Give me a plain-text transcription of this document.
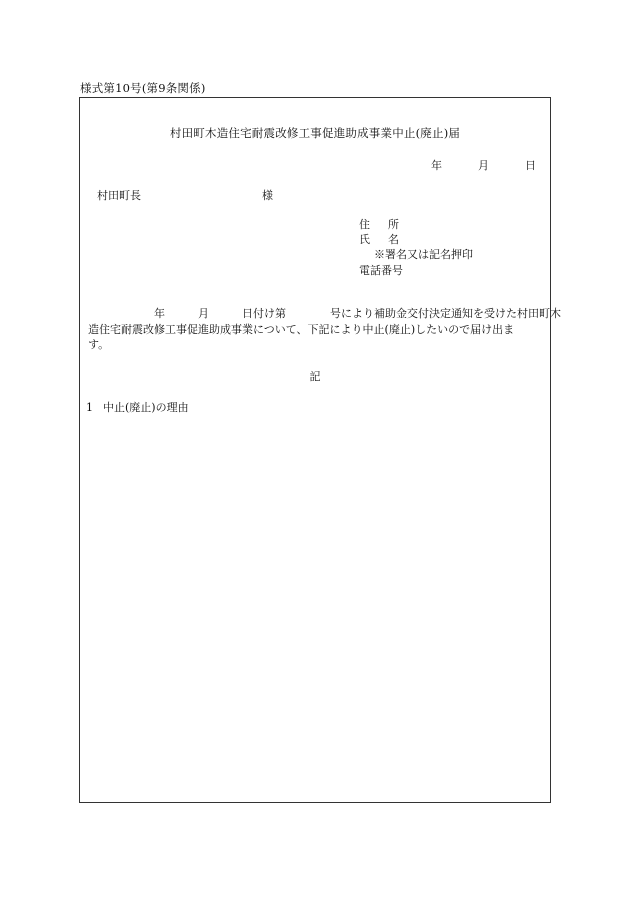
様式第10号(第9条関係)
村田町木造住宅耐震改修工事促進助成事業中止(廃止)届
年	月	日
村田町長	様
住所
氏名
※署名又は記名押印
電話番号
　　　　　　年　　　月　　　日付け第　　　　号により補助金交付決定通知を受けた村田町木
造住宅耐震改修工事促進助成事業について、下記により中止(廃止)したいので届け出ま
す。
記
1 中止(廃止)の理由
